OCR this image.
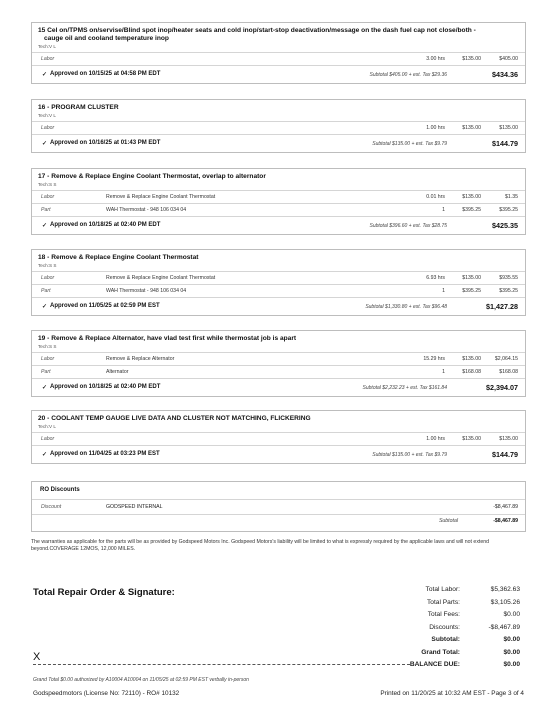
15 Cel on/TPMS on/servise/Blind spot inop/heater seats and cold inop/start-stop deactivation/message on the dash fuel cap not close/both -
cauge oil and cooland temperature inop
Tech:V L
Labor	3.00 hrs	$135.00	$405.00
✓ Approved on 10/15/25 at 04:58 PM EDT	Subtotal $405.00 + est. Tax $29.36	$434.36
16 - PROGRAM CLUSTER
Tech:V L
Labor	1.00 hrs	$135.00	$135.00
✓ Approved on 10/16/25 at 01:43 PM EDT	Subtotal $135.00 + est. Tax $9.79	$144.79
17 - Remove & Replace Engine Coolant Thermostat, overlap to alternator
Tech:S S
Labor	Remove & Replace Engine Coolant Thermostat	0.01 hrs	$135.00	$1.35
Part	WAH Thermostat - 948 106 034 04	1	$395.25	$395.25
✓ Approved on 10/18/25 at 02:40 PM EDT	Subtotal $396.60 + est. Tax $28.75	$425.35
18 - Remove & Replace Engine Coolant Thermostat
Tech:S S
Labor	Remove & Replace Engine Coolant Thermostat	6.93 hrs	$135.00	$935.55
Part	WAH Thermostat - 948 106 034 04	1	$395.25	$395.25
✓ Approved on 11/05/25 at 02:59 PM EST	Subtotal $1,330.80 + est. Tax $96.48	$1,427.28
19 - Remove & Replace Alternator, have vlad test first while thermostat job is apart
Tech:S S
Labor	Remove & Replace Alternator	15.29 hrs	$135.00	$2,064.15
Part	Alternator	1	$168.08	$168.08
✓ Approved on 10/18/25 at 02:40 PM EDT	Subtotal $2,232.23 + est. Tax $161.84	$2,394.07
20 - COOLANT TEMP GAUGE LIVE DATA AND CLUSTER NOT MATCHING, FLICKERING
Tech:V L
Labor	1.00 hrs	$135.00	$135.00
✓ Approved on 11/04/25 at 03:23 PM EST	Subtotal $135.00 + est. Tax $9.79	$144.79
RO Discounts
Discount	GODSPEED INTERNAL	-$8,467.89
Subtotal	-$8,467.89
The warranties as applicable for the parts will be as provided by Godspeed Motors Inc. Godspeed Motors's liability will be limited to what is expressly required by the applicable laws and will not extend beyond.COVERAGE 12MOS, 12,000 MILES.
Total Repair Order & Signature:	Total Labor:	$5,362.63
Total Parts:	$3,105.26
Total Fees:	$0.00
Discounts:	-$8,467.89
Subtotal:	$0.00
Grand Total:	$0.00
BALANCE DUE:	$0.00
X
Grand Total $0.00 authorized by A10004 A10004 on 11/05/25 at 02:59 PM EST verbally in-person
Godspeedmotors (License No: 72110) - RO# 10132	Printed on 11/20/25 at 10:32 AM EST - Page 3 of 4
